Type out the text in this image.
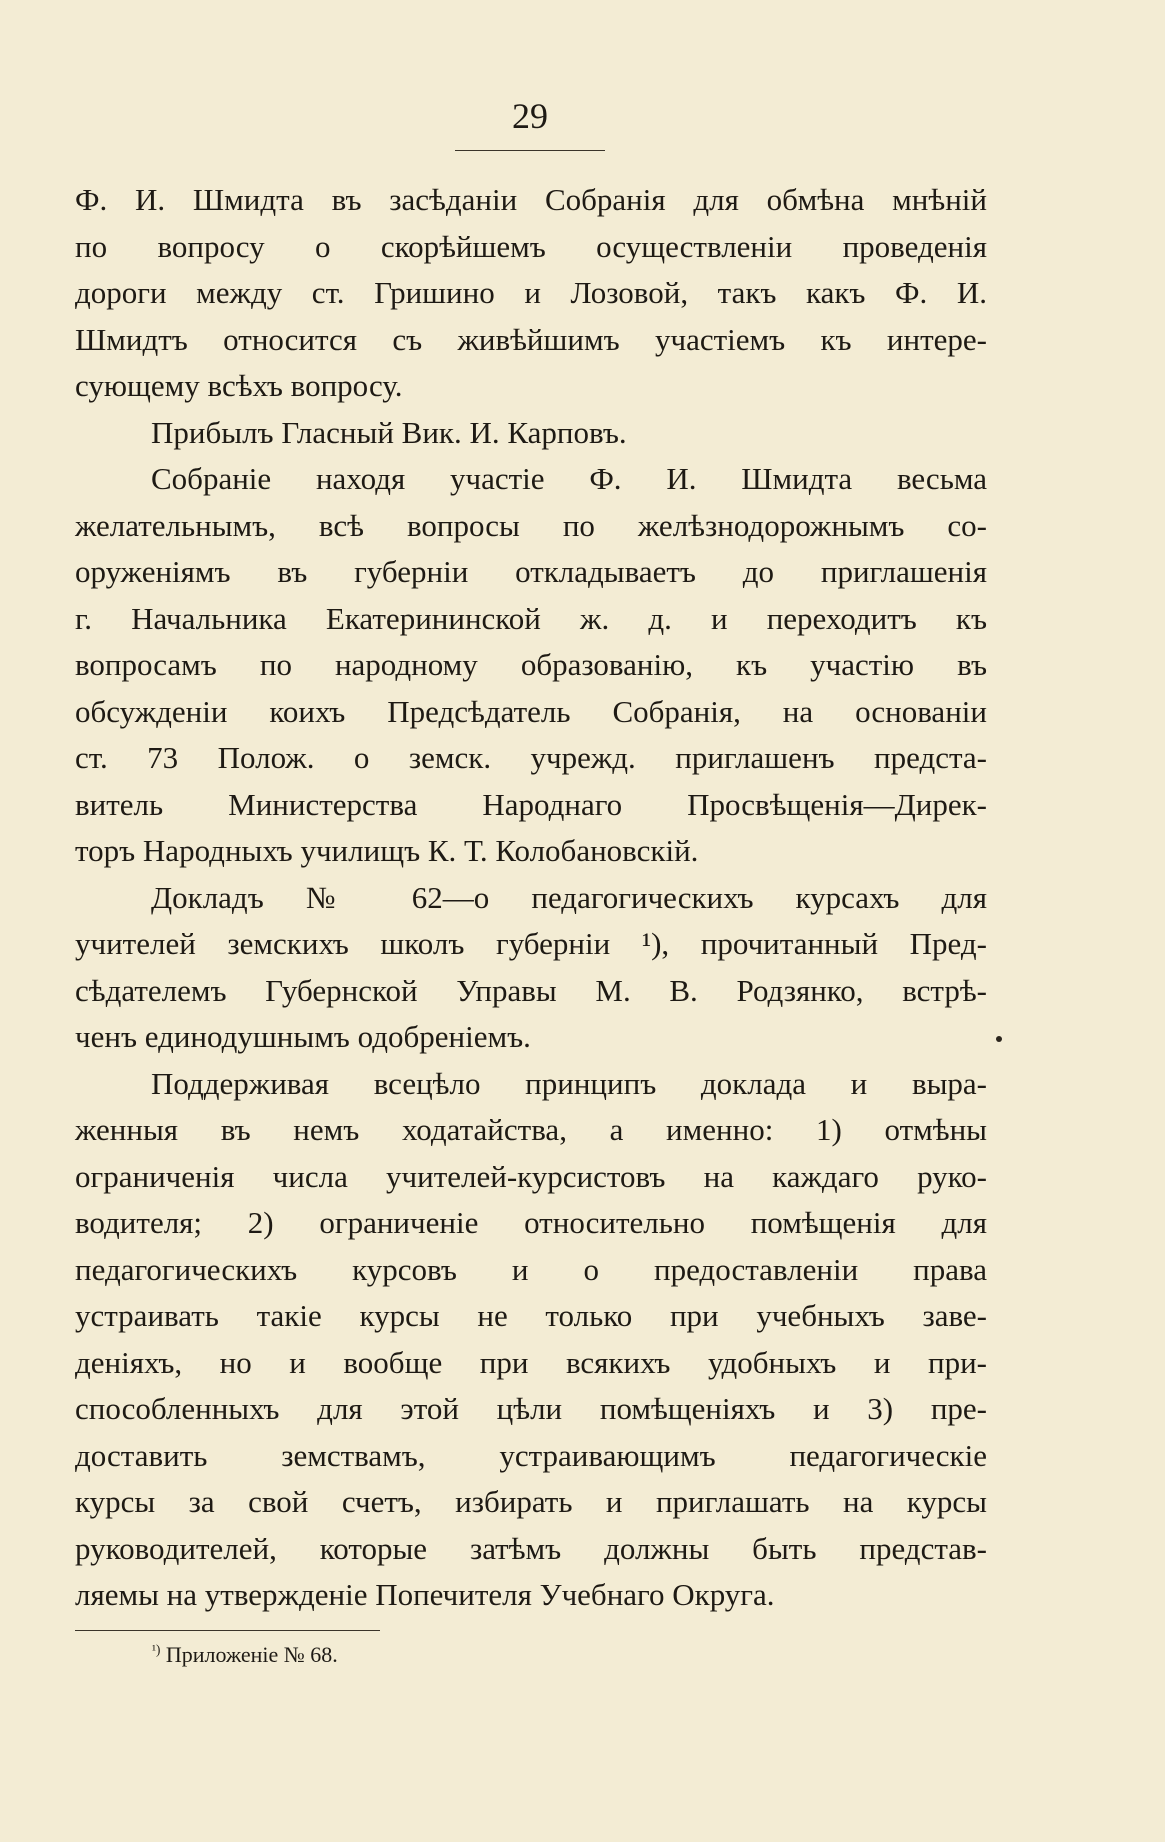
29
Ф. И. Шмидта въ засѣданіи Собранія для обмѣна мнѣній
по вопросу о скорѣйшемъ осуществленіи проведенія
дороги между ст. Гришино и Лозовой, такъ какъ Ф. И.
Шмидтъ относится съ живѣйшимъ участіемъ къ интере-
сующему всѣхъ вопросу.
Прибылъ Гласный Вик. И. Карповъ.
Собраніе находя участіе Ф. И. Шмидта весьма
желательнымъ, всѣ вопросы по желѣзнодорожнымъ со-
оруженіямъ въ губерніи откладываетъ до приглашенія
г. Начальника Екатерининской ж. д. и переходитъ къ
вопросамъ по народному образованію, къ участію въ
обсужденіи коихъ Предсѣдатель Собранія, на основаніи
ст. 73 Полож. о земск. учрежд. приглашенъ предста-
витель Министерства Народнаго Просвѣщенія—Дирек-
торъ Народныхъ училищъ К. Т. Колобановскій.
Докладъ № 62—о педагогическихъ курсахъ для
учителей земскихъ школъ губерніи ¹), прочитанный Пред-
сѣдателемъ Губернской Управы М. В. Родзянко, встрѣ-
ченъ единодушнымъ одобреніемъ.
Поддерживая всецѣло принципъ доклада и выра-
женныя въ немъ ходатайства, а именно: 1) отмѣны
ограниченія числа учителей-курсистовъ на каждаго руко-
водителя; 2) ограниченіе относительно помѣщенія для
педагогическихъ курсовъ и о предоставленіи права
устраивать такіе курсы не только при учебныхъ заве-
деніяхъ, но и вообще при всякихъ удобныхъ и при-
способленныхъ для этой цѣли помѣщеніяхъ и 3) пре-
доставить земствамъ, устраивающимъ педагогическіе
курсы за свой счетъ, избирать и приглашать на курсы
руководителей, которые затѣмъ должны быть представ-
ляемы на утвержденіе Попечителя Учебнаго Округа.
$^{^1)}$ Приложеніе № 68.
